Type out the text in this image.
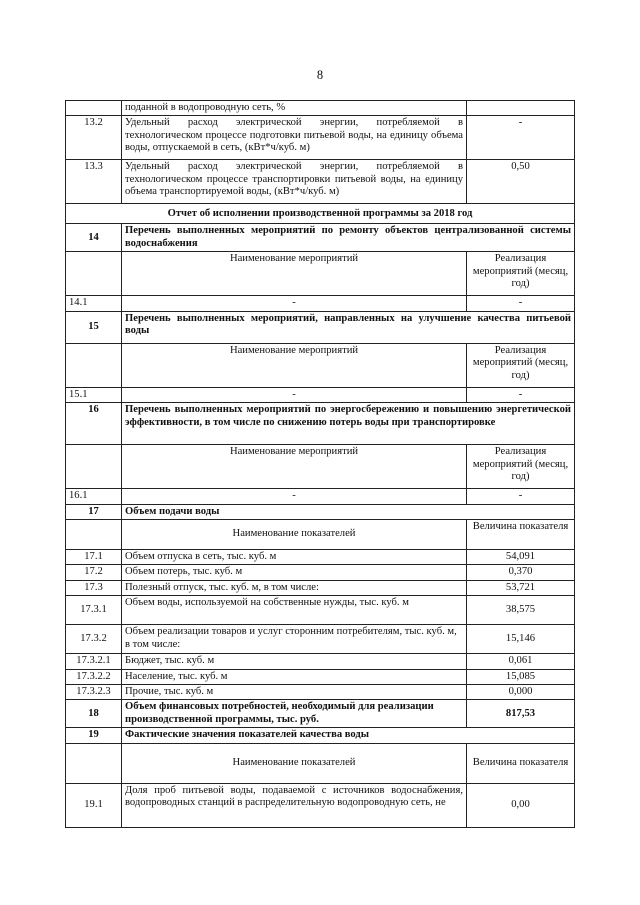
8
	поданной в водопроводную сеть, %	
13.2	Удельный расход электрической энергии, потребляемой в технологическом процессе подготовки питьевой воды, на единицу объема воды, отпускаемой в сеть, (кВт*ч/куб. м)	-
13.3	Удельный расход электрической энергии, потребляемой в технологическом процессе транспортировки питьевой воды, на единицу объема транспортируемой воды, (кВт*ч/куб. м)	0,50
Отчет об исполнении производственной программы за 2018 год		
14	Перечень выполненных мероприятий по ремонту объектов централизованной системы водоснабжения	
	Наименование мероприятий	Реализация мероприятий (месяц, год)
14.1	-	-
15	Перечень выполненных мероприятий, направленных на улучшение качества питьевой воды	
	Наименование мероприятий	Реализация мероприятий (месяц, год)
15.1	-	-
16	Перечень выполненных мероприятий по энергосбережению и повышению энергетической эффективности, в том числе по снижению потерь воды при транспортировке	
	Наименование мероприятий	Реализация мероприятий (месяц, год)
16.1	-	-
17	Объем подачи воды	
	Наименование показателей	Величина показателя
17.1	Объем отпуска в сеть, тыс. куб. м	54,091
17.2	Объем потерь, тыс. куб. м	0,370
17.3	Полезный отпуск, тыс. куб. м, в том числе:	53,721
17.3.1	Объем воды, используемой на собственные нужды, тыс. куб. м	38,575
17.3.2	Объем реализации товаров и услуг сторонним потребителям, тыс. куб. м, в том числе:	15,146
17.3.2.1	Бюджет, тыс. куб. м	0,061
17.3.2.2	Население, тыс. куб. м	15,085
17.3.2.3	Прочие, тыс. куб. м	0,000
18	Объем финансовых потребностей, необходимый для реализации производственной программы, тыс. руб.	817,53
19	Фактические значения показателей качества воды	
	Наименование показателей	Величина показателя
19.1	Доля проб питьевой воды, подаваемой с источников водоснабжения, водопроводных станций в распределительную водопроводную сеть, не	0,00
